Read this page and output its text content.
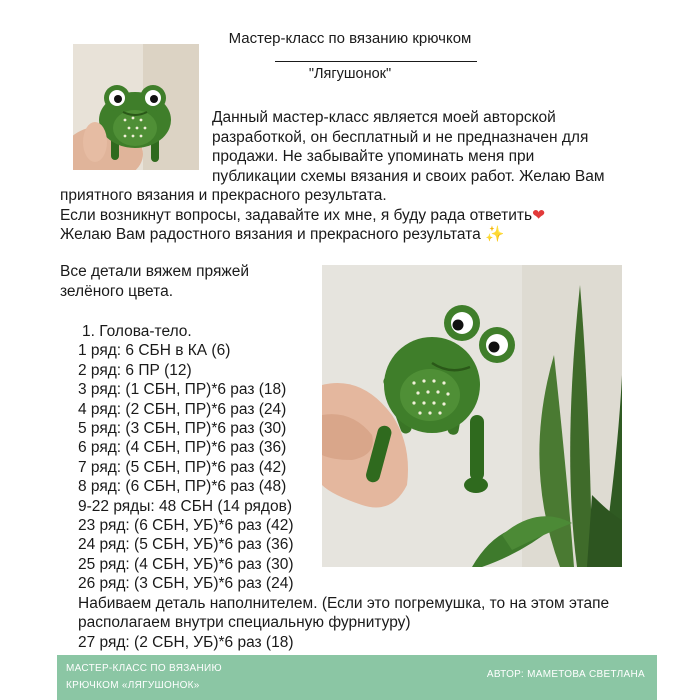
Мастер-класс по вязанию крючком
"Лягушонок"
Данный мастер-класс является моей авторской
разработкой, он бесплатный и не предназначен для
продажи. Не забывайте упоминать меня при
публикации схемы вязания и своих работ. Желаю Вам
приятного вязания и прекрасного результата.
Если возникнут вопросы, задавайте их мне, я буду рада ответить❤
Желаю Вам радостного вязания и прекрасного результата ✨
Все детали вяжем пряжей зелёного цвета.
1. Голова-тело.
1 ряд: 6 СБН в КА (6)
2 ряд: 6 ПР (12)
3 ряд: (1 СБН, ПР)*6 раз (18)
4 ряд: (2 СБН, ПР)*6 раз (24)
5 ряд: (3 СБН, ПР)*6 раз (30)
6 ряд: (4 СБН, ПР)*6 раз (36)
7 ряд: (5 СБН, ПР)*6 раз (42)
8 ряд: (6 СБН, ПР)*6 раз (48)
9-22 ряды: 48 СБН (14 рядов)
23 ряд: (6 СБН, УБ)*6 раз (42)
24 ряд: (5 СБН, УБ)*6 раз (36)
25 ряд: (4 СБН, УБ)*6 раз (30)
26 ряд: (3 СБН, УБ)*6 раз (24)
Набиваем деталь наполнителем. (Если это погремушка, то на этом этапе располагаем внутри специальную фурнитуру)
27 ряд: (2 СБН, УБ)*6 раз (18)
МАСТЕР-КЛАСС ПО ВЯЗАНИЮ
КРЮЧКОМ «ЛЯГУШОНОК»
АВТОР: МАМЕТОВА СВЕТЛАНА
